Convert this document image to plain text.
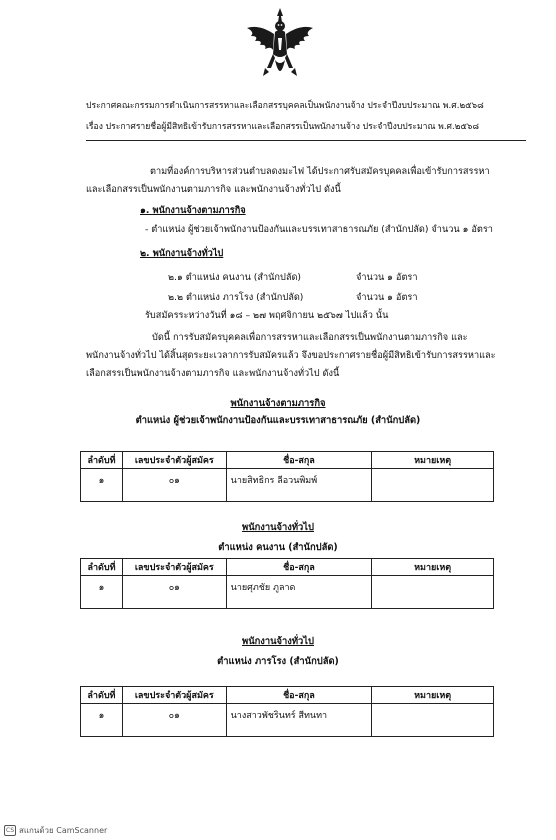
ประกาศคณะกรรมการดำเนินการสรรหาและเลือกสรรบุคคลเป็นพนักงานจ้าง ประจำปีงบประมาณ พ.ศ.๒๕๖๘
เรื่อง ประกาศรายชื่อผู้มีสิทธิเข้ารับการสรรหาและเลือกสรรเป็นพนักงานจ้าง ประจำปีงบประมาณ พ.ศ.๒๕๖๘
ตามที่องค์การบริหารส่วนตำบลดงมะไฟ ได้ประกาศรับสมัครบุคคลเพื่อเข้ารับการสรรหา
และเลือกสรรเป็นพนักงานตามภารกิจ และพนักงานจ้างทั่วไป ดังนี้
๑. พนักงานจ้างตามภารกิจ
- ตำแหน่ง ผู้ช่วยเจ้าพนักงานป้องกันและบรรเทาสาธารณภัย (สำนักปลัด) จำนวน ๑ อัตรา
๒. พนักงานจ้างทั่วไป
๒.๑ ตำแหน่ง คนงาน (สำนักปลัด)	จำนวน ๑ อัตรา
๒.๒ ตำแหน่ง ภารโรง (สำนักปลัด)	จำนวน ๑ อัตรา
รับสมัครระหว่างวันที่ ๑๘ – ๒๗ พฤศจิกายน ๒๕๖๗ ไปแล้ว นั้น
บัดนี้ การรับสมัครบุคคลเพื่อการสรรหาและเลือกสรรเป็นพนักงานตามภารกิจ และ
พนักงานจ้างทั่วไป ได้สิ้นสุดระยะเวลาการรับสมัครแล้ว จึงขอประกาศรายชื่อผู้มีสิทธิเข้ารับการสรรหาและ
เลือกสรรเป็นพนักงานจ้างตามภารกิจ และพนักงานจ้างทั่วไป ดังนี้
พนักงานจ้างตามภารกิจ
ตำแหน่ง ผู้ช่วยเจ้าพนักงานป้องกันและบรรเทาสาธารณภัย (สำนักปลัด)
ลำดับที่	เลขประจำตัวผู้สมัคร	ชื่อ-สกุล	หมายเหตุ
๑	๐๑	นายสิทธิกร ลีอวนพิมพ์	
พนักงานจ้างทั่วไป
ตำแหน่ง คนงาน (สำนักปลัด)
ลำดับที่	เลขประจำตัวผู้สมัคร	ชื่อ-สกุล	หมายเหตุ
๑	๐๑	นายศุภชัย ภูลาด	
พนักงานจ้างทั่วไป
ตำแหน่ง ภารโรง (สำนักปลัด)
ลำดับที่	เลขประจำตัวผู้สมัคร	ชื่อ-สกุล	หมายเหตุ
๑	๐๑	นางสาวพัชรินทร์ สีทนทา	
CS สแกนด้วย CamScanner
